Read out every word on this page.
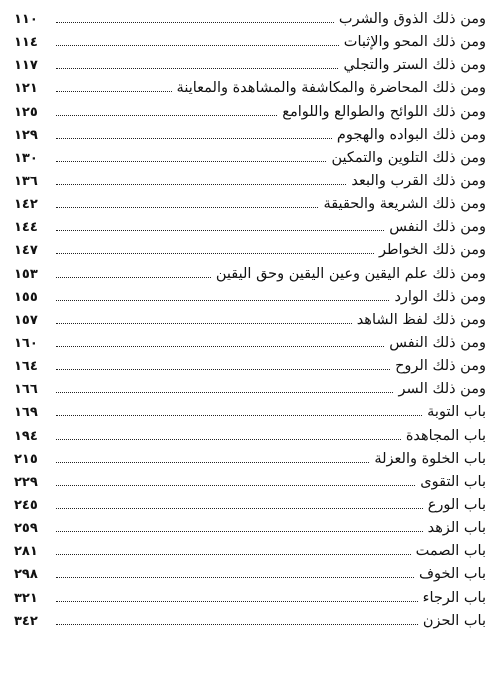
ومن ذلك الذوق والشرب
١١٠
ومن ذلك المحو والإثبات
١١٤
ومن ذلك الستر والتجلي
١١٧
ومن ذلك المحاضرة والمكاشفة والمشاهدة والمعاينة
١٢١
ومن ذلك اللوائح والطوالع واللوامع
١٢٥
ومن ذلك البواده والهجوم
١٢٩
ومن ذلك التلوين والتمكين
١٣٠
ومن ذلك القرب والبعد
١٣٦
ومن ذلك الشريعة والحقيقة
١٤٢
ومن ذلك النفس
١٤٤
ومن ذلك الخواطر
١٤٧
ومن ذلك علم اليقين وعين اليقين وحق اليقين
١٥٣
ومن ذلك الوارد
١٥٥
ومن ذلك لفظ الشاهد
١٥٧
ومن ذلك النفس
١٦٠
ومن ذلك الروح
١٦٤
ومن ذلك السر
١٦٦
باب التوبة
١٦٩
باب المجاهدة
١٩٤
باب الخلوة والعزلة
٢١٥
باب التقوى
٢٢٩
باب الورع
٢٤٥
باب الزهد
٢٥٩
باب الصمت
٢٨١
باب الخوف
٢٩٨
باب الرجاء
٣٢١
باب الحزن
٣٤٢
